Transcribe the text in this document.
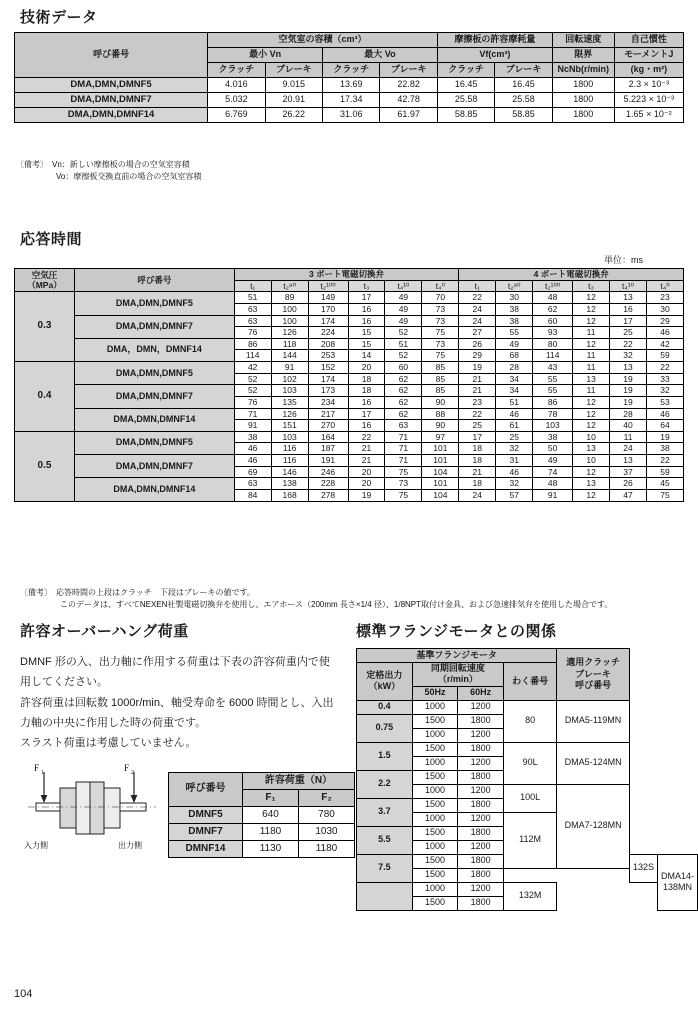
技術データ
呼び番号	空気室の容積（cm³）				摩擦板の許容摩耗量		回転速度	自己慣性
	最小 Vn		最大 Vo		Vf(cm³)		限界	モーメントJ
	クラッチ	ブレーキ	クラッチ	ブレーキ	クラッチ	ブレーキ	NcNb(r/min)	(kg・m²)
DMA,DMN,DMNF5	4.016	9.015	13.69	22.82	16.45	16.45	1800	2.3 × 10⁻³
DMA,DMN,DMNF7	5.032	20.91	17.34	42.78	25.58	25.58	1800	5.223 × 10⁻³
DMA,DMN,DMNF14	6.769	26.22	31.06	61.97	58.85	58.85	1800	1.65 × 10⁻²
〔備考〕　Vn：新しい摩擦板の場合の空気室容積
　　　　　Vo：摩擦板交換直前の場合の空気室容積
応答時間
単位：ms
空気圧
（MPa）	呼び番号	3 ポート電磁切換弁						4 ポート電磁切換弁					
		t₁	t₂⁹⁰	t₂¹⁰⁰	t₃	t₄¹⁰	t₄⁰	t₁	t₂⁹⁰	t₂¹⁰⁰	t₃	t₄¹⁰	t₄⁰
0.3	DMA,DMN,DMNF5	51	89	149	17	49	70	22	30	48	12	13	23
		63	100	170	16	49	73	24	38	62	12	16	30
	DMA,DMN,DMNF7	63	100	174	16	49	73	24	38	60	12	17	29
		76	126	224	15	52	75	27	55	93	11	25	46
	DMA，DMN，DMNF14	86	118	208	15	51	73	26	49	80	12	22	42
		114	144	253	14	52	75	29	68	114	11	32	59
0.4	DMA,DMN,DMNF5	42	91	152	20	60	85	19	28	43	11	13	22
		52	102	174	18	62	85	21	34	55	13	19	33
	DMA,DMN,DMNF7	52	103	173	18	62	85	21	34	55	11	19	32
		76	135	234	16	62	90	23	51	86	12	19	53
	DMA,DMN,DMNF14	71	126	217	17	62	88	22	46	78	12	28	46
		91	151	270	16	63	90	25	61	103	12	40	64
0.5	DMA,DMN,DMNF5	38	103	164	22	71	97	17	25	38	10	11	19
		46	116	187	21	71	101	18	32	50	13	24	38
	DMA,DMN,DMNF7	46	116	191	21	71	101	18	31	49	10	13	22
		69	146	246	20	75	104	21	46	74	12	37	59
	DMA,DMN,DMNF14	63	138	228	20	73	101	18	32	48	13	26	45
		84	168	278	19	75	104	24	57	91	12	47	75
〔備考〕　応答時間の上段はクラッチ　下段はブレーキの値です。
　　　　　このデータは、すべてNEXEN社製電磁切換弁を使用し、エアホース（200mm 長さ×1/4 径）、1/8NPT取付け金具、および急速排気弁を使用した場合です。
許容オーバーハング荷重
DMNF 形の入、出力軸に作用する荷重は下表の許容荷重内で使用してください。
許容荷重は回転数 1000r/min、軸受寿命を 6000 時間とし、入出力軸の中央に作用した時の荷重です。
スラスト荷重は考慮していません。
F 1	F 2
入力側	出力側
呼び番号	許容荷重（N）	
	F₁	F₂
DMNF5	640	780
DMNF7	1180	1030
DMNF14	1130	1180
標準フランジモータとの関係
基準フランジモータ				適用クラッチ
ブレーキ
呼び番号		
定格出力
（kW）	同期回転速度 （r/min）		わく番号			
	50Hz	60Hz				
0.4	1000	1200	80	DMA5-119MN		
0.75	1500	1800				
	1000	1200				
1.5	1500	1800	90L	DMA5-124MN		
	1000	1200				
2.2	1500	1800				
	1000	1200	100L	DMA7-128MN		
3.7	1500	1800				
	1000	1200	112M			
5.5	1500	1800				
	1000	1200				
7.5	1500	1800			132S	DMA14-138MN
	1500	1800				
	1000	1200	132M			
	1500	1800				
104
